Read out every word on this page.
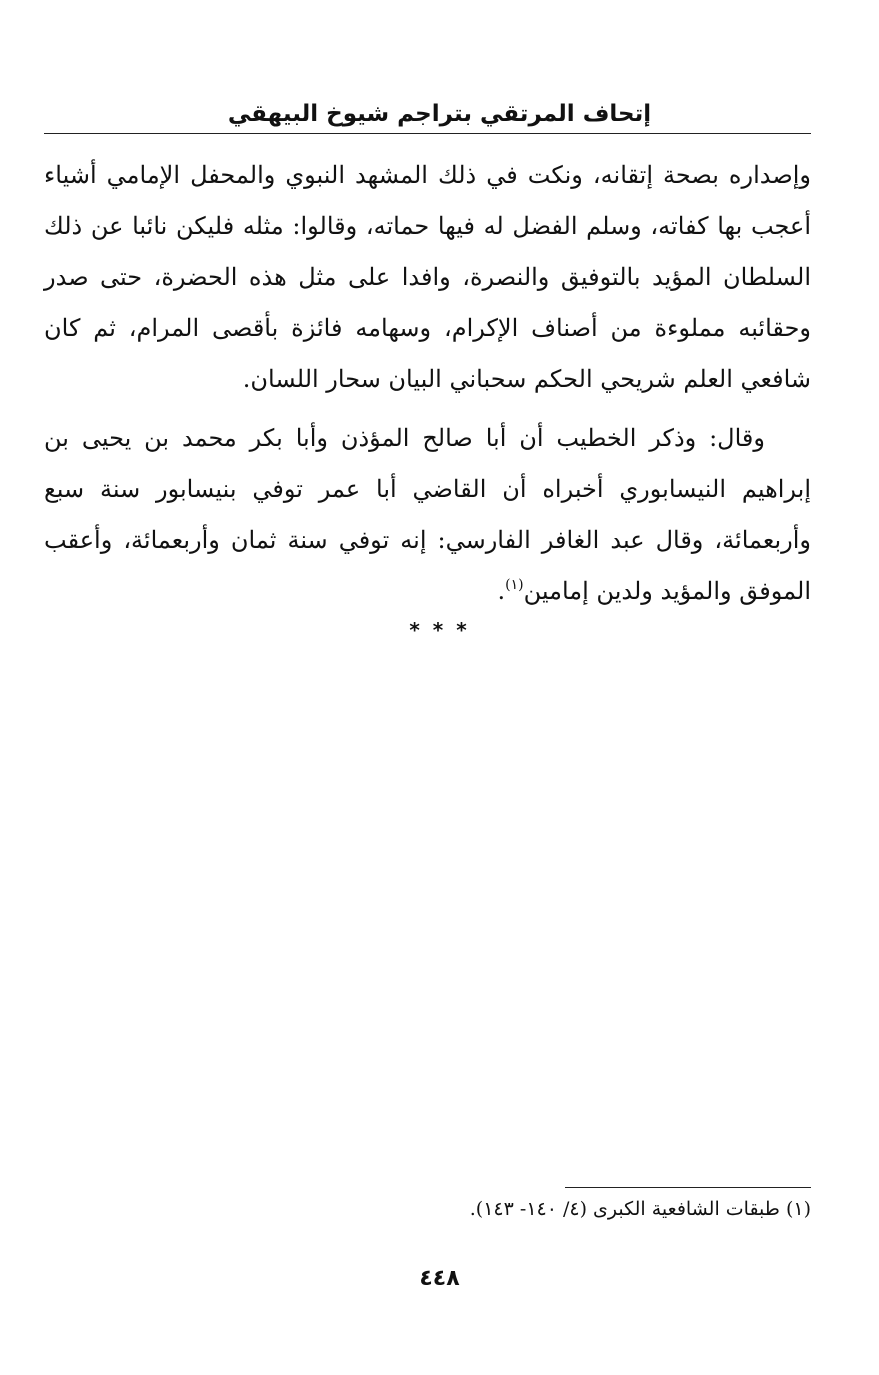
إتحاف المرتقي بتراجم شيوخ البيهقي

وإصداره بصحة إتقانه، ونكت في ذلك المشهد النبوي والمحفل الإمامي أشياء أعجب بها كفاته، وسلم الفضل له فيها حماته، وقالوا: مثله فليكن نائبا عن ذلك السلطان المؤيد بالتوفيق والنصرة، وافدا على مثل هذه الحضرة، حتى صدر وحقائبه مملوءة من أصناف الإكرام، وسهامه فائزة بأقصى المرام، ثم كان شافعي العلم شريحي الحكم سحباني البيان سحار اللسان.

وقال: وذكر الخطيب أن أبا صالح المؤذن وأبا بكر محمد بن يحيى بن إبراهيم النيسابوري أخبراه أن القاضي أبا عمر توفي بنيسابور سنة سبع وأربعمائة، وقال عبد الغافر الفارسي: إنه توفي سنة ثمان وأربعمائة، وأعقب الموفق والمؤيد ولدين إمامين$^{(١)}$.

* * *
(١) طبقات الشافعية الكبرى (٤/ ١٤٠- ١٤٣).
٤٤٨
